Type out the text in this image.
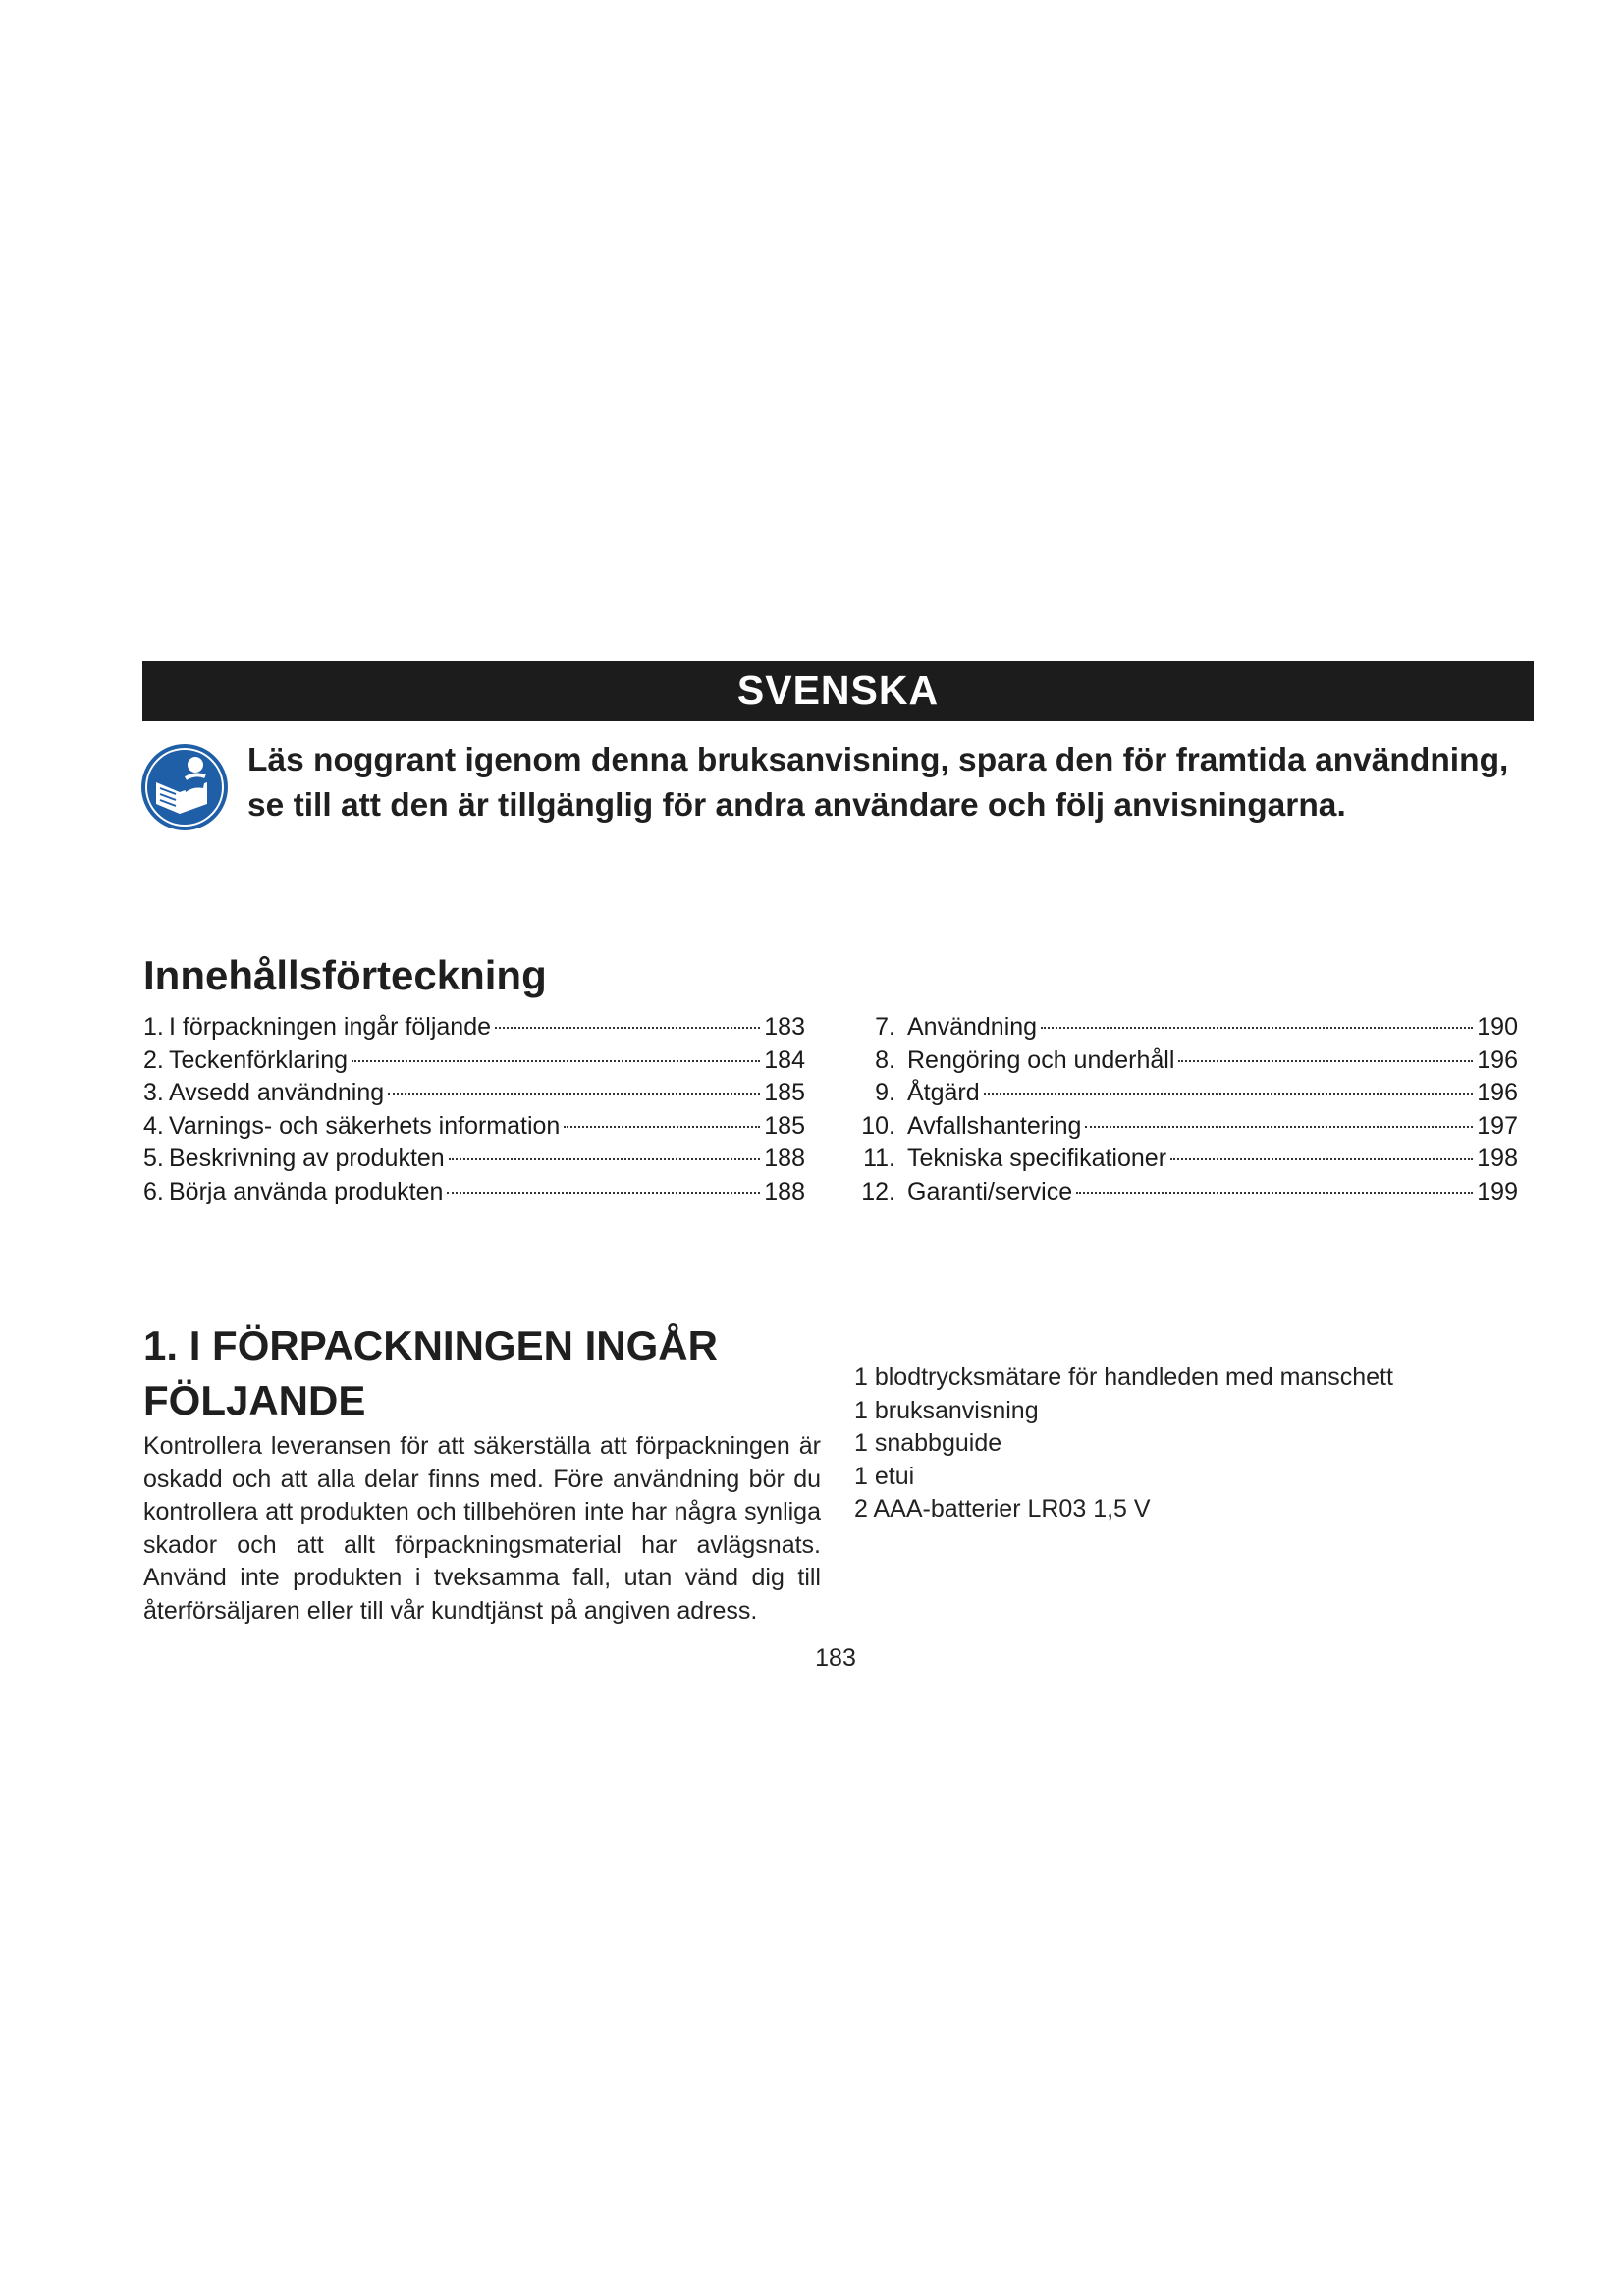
SVENSKA
Läs noggrant igenom denna bruksanvisning, spara den för framtida användning, se till att den är tillgänglig för andra användare och följ anvisningarna.
Innehållsförteckning
1. I förpackningen ingår följande	183
2. Teckenförklaring	184
3. Avsedd användning	185
4. Varnings- och säkerhets information	185
5. Beskrivning av produkten	188
6. Börja använda produkten	188
7. Användning	190
8. Rengöring och underhåll	196
9. Åtgärd	196
10. Avfallshantering	197
11. Tekniska specifikationer	198
12. Garanti/service	199
1. I FÖRPACKNINGEN INGÅR FÖLJANDE
Kontrollera leveransen för att säkerställa att förpackningen är oskadd och att alla delar finns med. Före användning bör du kontrollera att produkten och tillbehören inte har några synliga skador och att allt förpackningsmaterial har avlägsnats. Använd inte produkten i tveksamma fall, utan vänd dig till återförsäljaren eller till vår kundtjänst på angiven adress.
1 blodtrycksmätare för handleden med manschett
1 bruksanvisning
1 snabbguide
1 etui
2 AAA-batterier LR03 1,5 V
183
